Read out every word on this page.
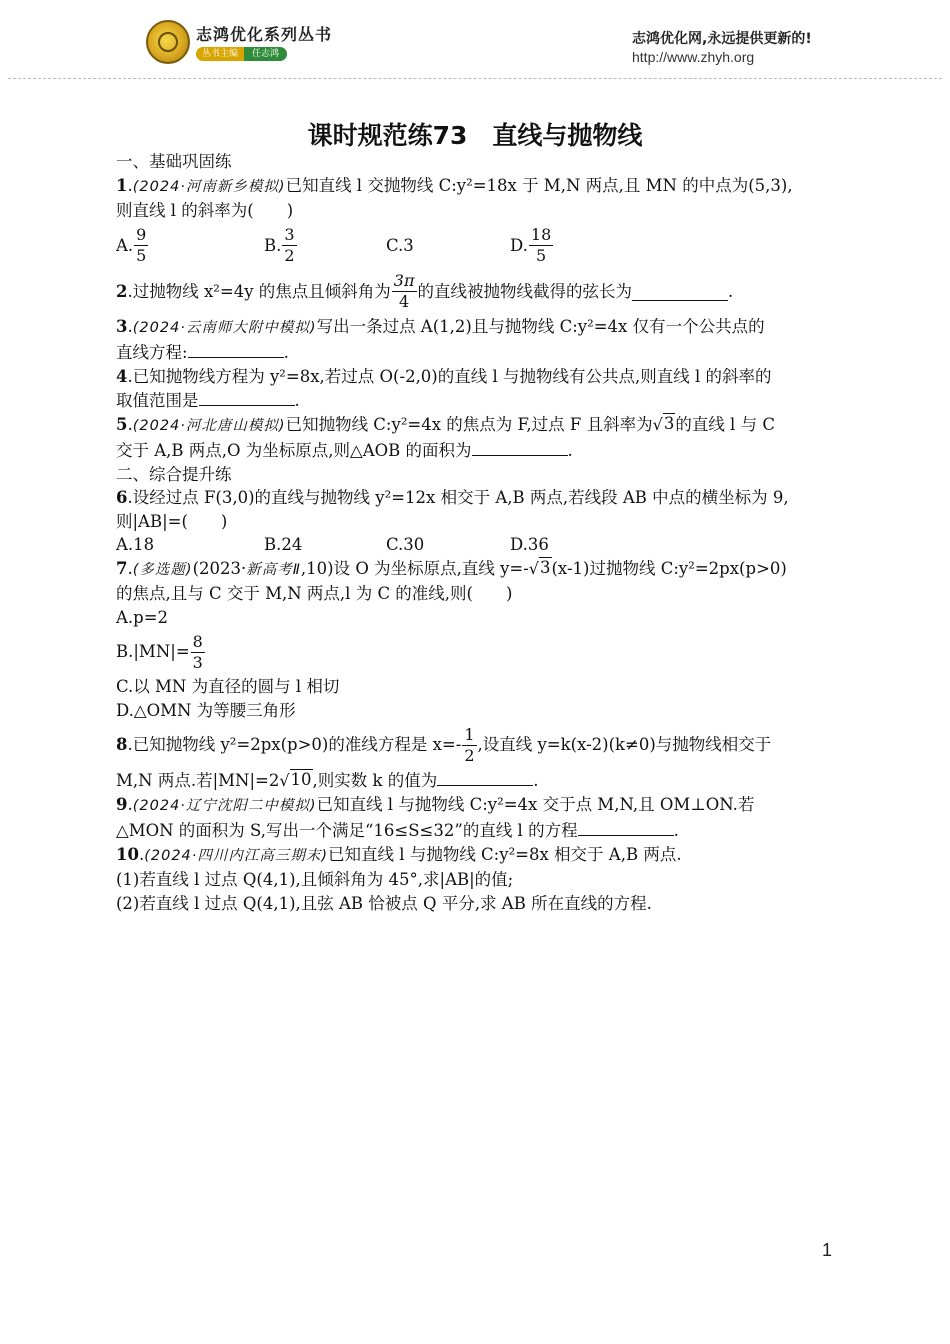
志鸿优化系列丛书
丛书主编	任志鸿
志鸿优化网,永远提供更新的!
http://www.zhyh.org
课时规范练73　直线与抛物线
一、基础巩固练
1.(2024·河南新乡模拟)已知直线 l 交抛物线 C:y²=18x 于 M,N 两点,且 MN 的中点为(5,3),
则直线 l 的斜率为(　　)
A. $\frac{9}{5}$	B. $\frac{3}{2}$	C. 3	D. $\frac{18}{5}$
2 .过抛物线 x²=4y 的焦点且倾斜角为 $\frac{3\pi}{4}$ 的直线被抛物线截得的弦长为	.
3.(2024·云南师大附中模拟)写出一条过点 A(1,2)且与抛物线 C:y²=4x 仅有一个公共点的
直线方程:	.
4.已知抛物线方程为 y²=8x,若过点 O(-2,0)的直线 l 与抛物线有公共点,则直线 l 的斜率的
取值范围是	.
5.(2024·河北唐山模拟)已知抛物线 C:y²=4x 的焦点为 F,过点 F 且斜率为 √ 3 的直线 l 与 C
交于 A,B 两点,O 为坐标原点,则△AOB 的面积为	.
二、综合提升练
6.设经过点 F(3,0)的直线与抛物线 y²=12x 相交于 A,B 两点,若线段 AB 中点的横坐标为 9,
则|AB|=(　　)
A.18	B.24	C.30	D.36
7.(多选题)(2023·新高考Ⅱ,10)设 O 为坐标原点,直线 y=- √ 3 (x-1)过抛物线 C:y²=2px(p>0)
的焦点,且与 C 交于 M,N 两点,l 为 C 的准线,则(　　)
A.p=2
$B.|MN|= \frac{8}{3}$
C.以 MN 为直径的圆与 l 相切
D.△OMN 为等腰三角形
8 .已知抛物线 y²=2px(p>0)的准线方程是 $x=- \frac{1}{2}$ ,设直线 y=k(x-2)(k≠0)与抛物线相交于
M,N 两点.若|MN|=2 √ 10 ,则实数 k 的值为	.
9.(2024·辽宁沈阳二中模拟)已知直线 l 与抛物线 C:y²=4x 交于点 M,N,且 OM⊥ON.若
△MON 的面积为 S,写出一个满足“16≤S≤32”的直线 l 的方程	.
10.(2024·四川内江高三期末)已知直线 l 与抛物线 C:y²=8x 相交于 A,B 两点.
(1)若直线 l 过点 Q(4,1),且倾斜角为 45°,求|AB|的值;
(2)若直线 l 过点 Q(4,1),且弦 AB 恰被点 Q 平分,求 AB 所在直线的方程.
1
